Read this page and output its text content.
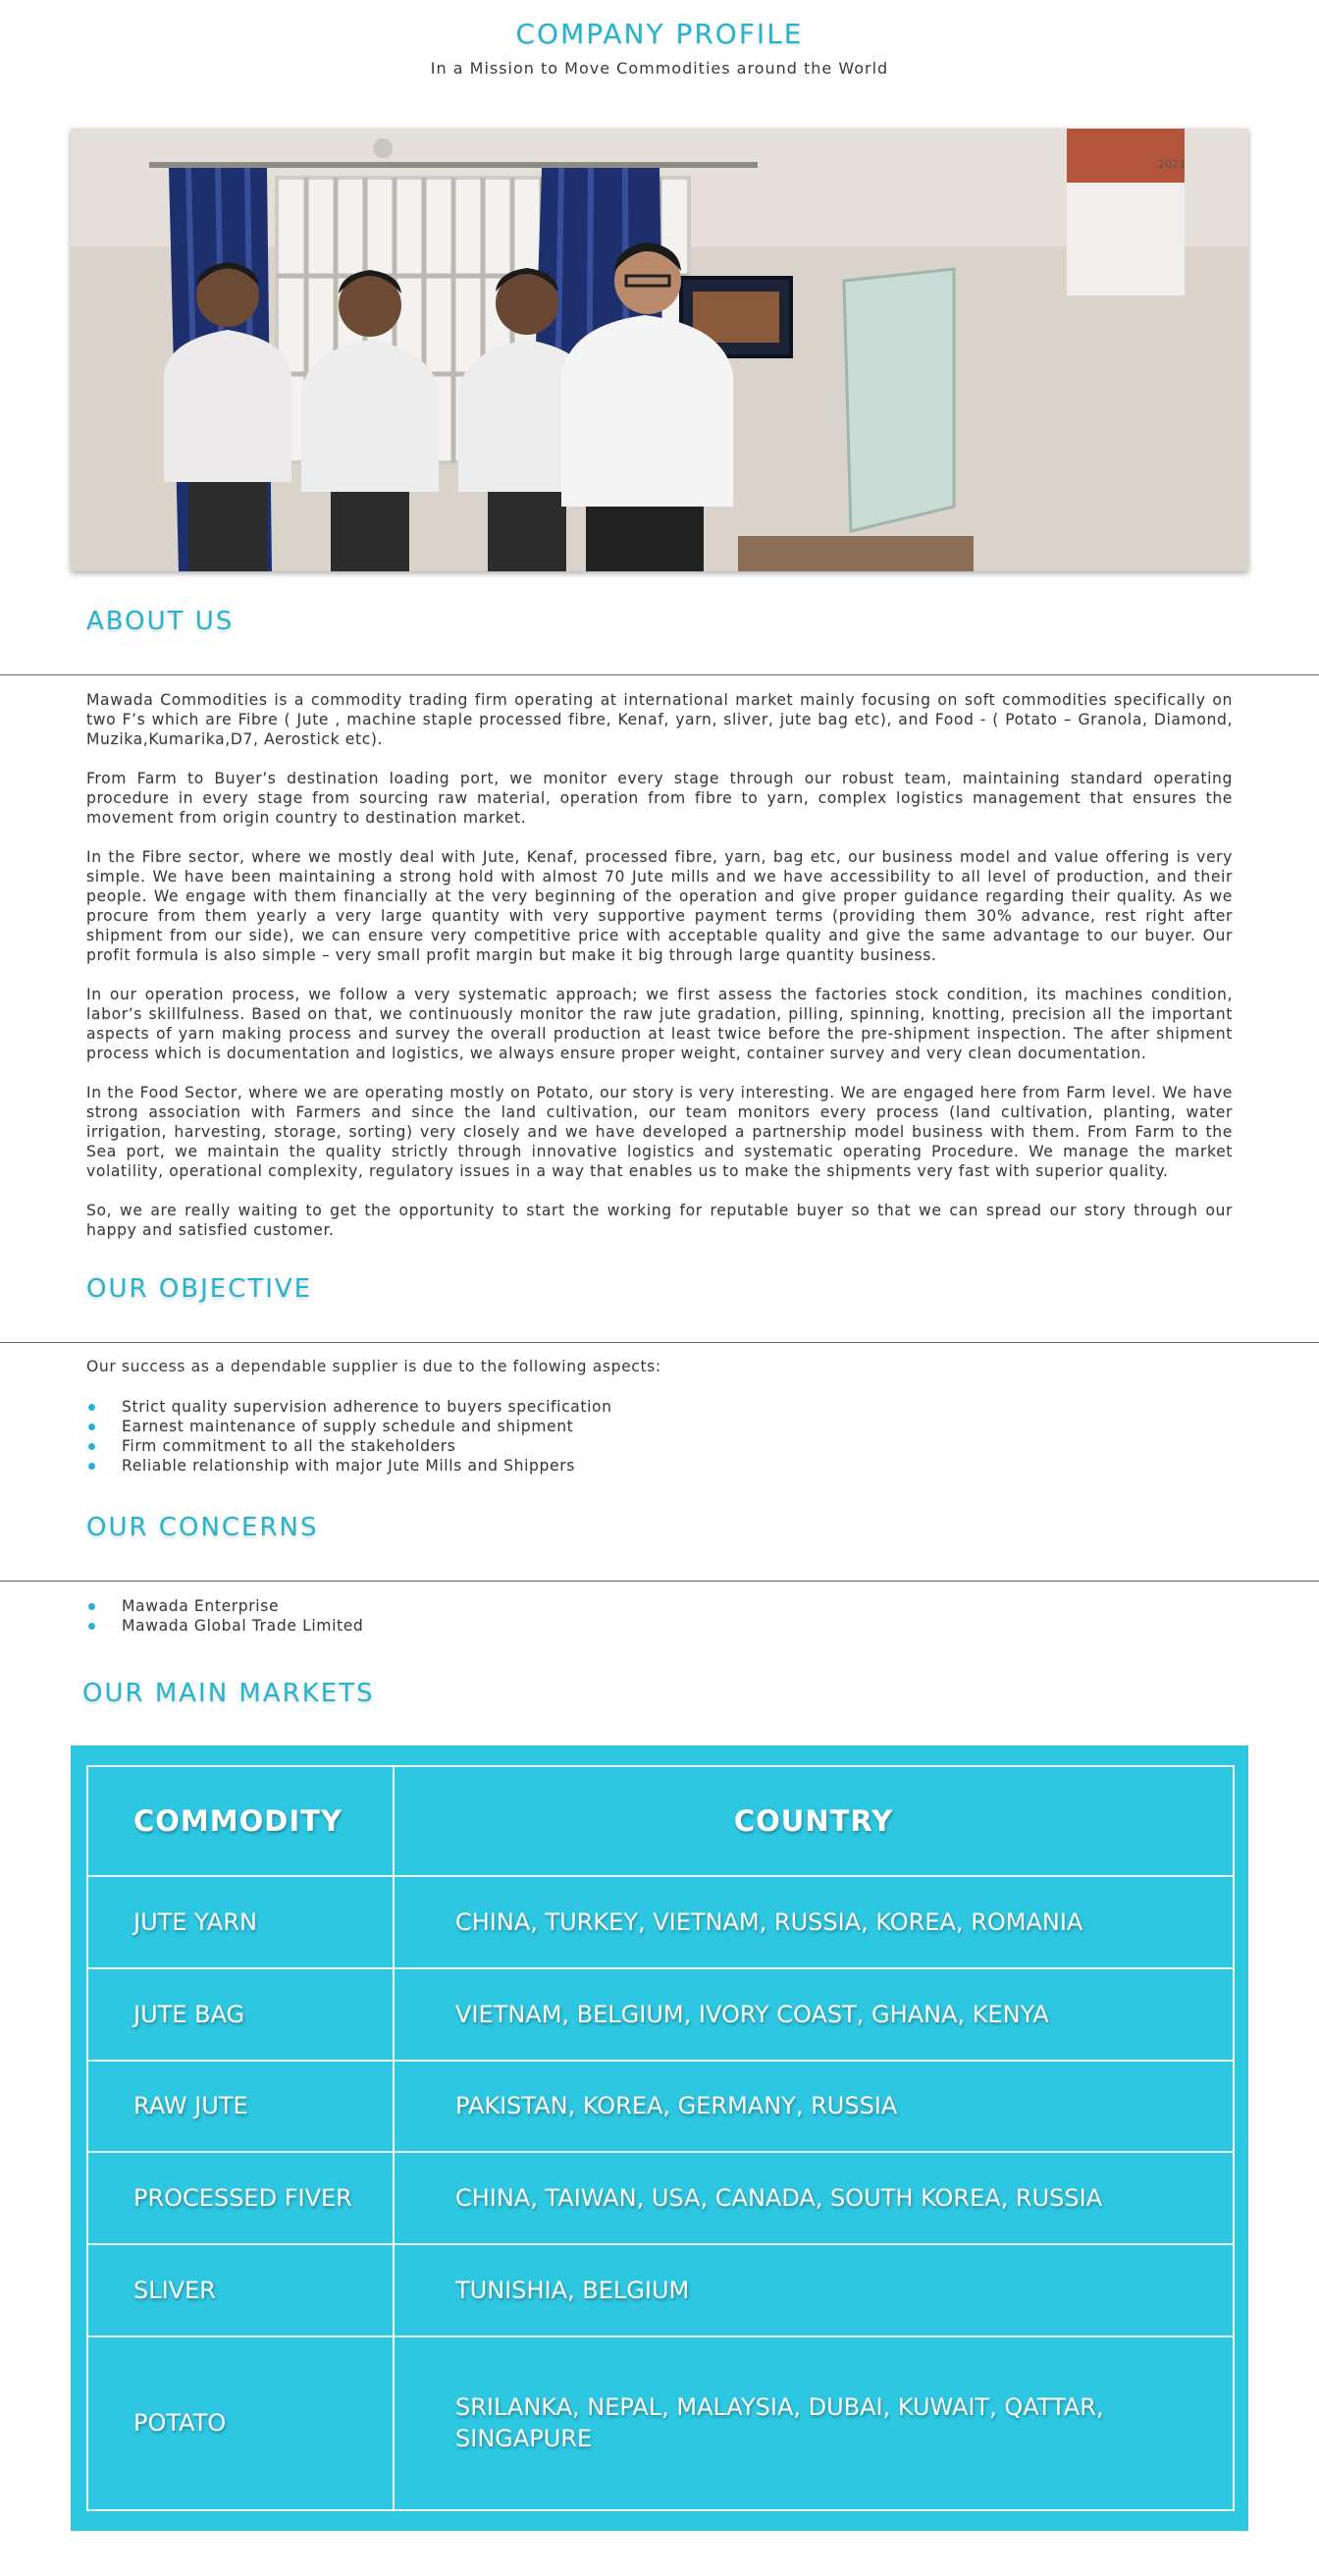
COMPANY PROFILE

In a Mission to Move Commodities around the World

2021
ABOUT US

Mawada Commodities is a commodity trading firm operating at international market mainly focusing on soft commodities specifically on two F’s which are Fibre ( Jute , machine staple processed fibre, Kenaf, yarn, sliver, jute bag etc), and Food - ( Potato – Granola, Diamond, Muzika,Kumarika,D7, Aerostick etc).

From Farm to Buyer’s destination loading port, we monitor every stage through our robust team, maintaining standard operating procedure in every stage from sourcing raw material, operation from fibre to yarn, complex logistics management that ensures the movement from origin country to destination market.

In the Fibre sector, where we mostly deal with Jute, Kenaf, processed fibre, yarn, bag etc, our business model and value offering is very simple. We have been maintaining a strong hold with almost 70 Jute mills and we have accessibility to all level of production, and their people. We engage with them financially at the very beginning of the operation and give proper guidance regarding their quality. As we procure from them yearly a very large quantity with very supportive payment terms (providing them 30% advance, rest right after shipment from our side), we can ensure very competitive price with acceptable quality and give the same advantage to our buyer. Our profit formula is also simple – very small profit margin but make it big through large quantity business.

In our operation process, we follow a very systematic approach; we first assess the factories stock condition, its machines condition, labor’s skillfulness. Based on that, we continuously monitor the raw jute gradation, pilling, spinning, knotting, precision all the important aspects of yarn making process and survey the overall production at least twice before the pre-shipment inspection. The after shipment process which is documentation and logistics, we always ensure proper weight, container survey and very clean documentation.

In the Food Sector, where we are operating mostly on Potato, our story is very interesting. We are engaged here from Farm level. We have strong association with Farmers and since the land cultivation, our team monitors every process (land cultivation, planting, water irrigation, harvesting, storage, sorting) very closely and we have developed a partnership model business with them. From Farm to the Sea port, we maintain the quality strictly through innovative logistics and systematic operating Procedure. We manage the market volatility, operational complexity, regulatory issues in a way that enables us to make the shipments very fast with superior quality.

So, we are really waiting to get the opportunity to start the working for reputable buyer so that we can spread our story through our happy and satisfied customer.

OUR OBJECTIVE

Our success as a dependable supplier is due to the following aspects:

Strict quality supervision adherence to buyers specification
Earnest maintenance of supply schedule and shipment
Firm commitment to all the stakeholders
Reliable relationship with major Jute Mills and Shippers
OUR CONCERNS
Mawada Enterprise
Mawada Global Trade Limited
OUR MAIN MARKETS
COMMODITY	COUNTRY
JUTE YARN	CHINA, TURKEY, VIETNAM, RUSSIA, KOREA, ROMANIA
JUTE BAG	VIETNAM, BELGIUM, IVORY COAST, GHANA, KENYA
RAW JUTE	PAKISTAN, KOREA, GERMANY, RUSSIA
PROCESSED FIVER	CHINA, TAIWAN, USA, CANADA, SOUTH KOREA, RUSSIA
SLIVER	TUNISHIA, BELGIUM
POTATO	SRILANKA, NEPAL, MALAYSIA, DUBAI, KUWAIT, QATTAR, SINGAPURE
